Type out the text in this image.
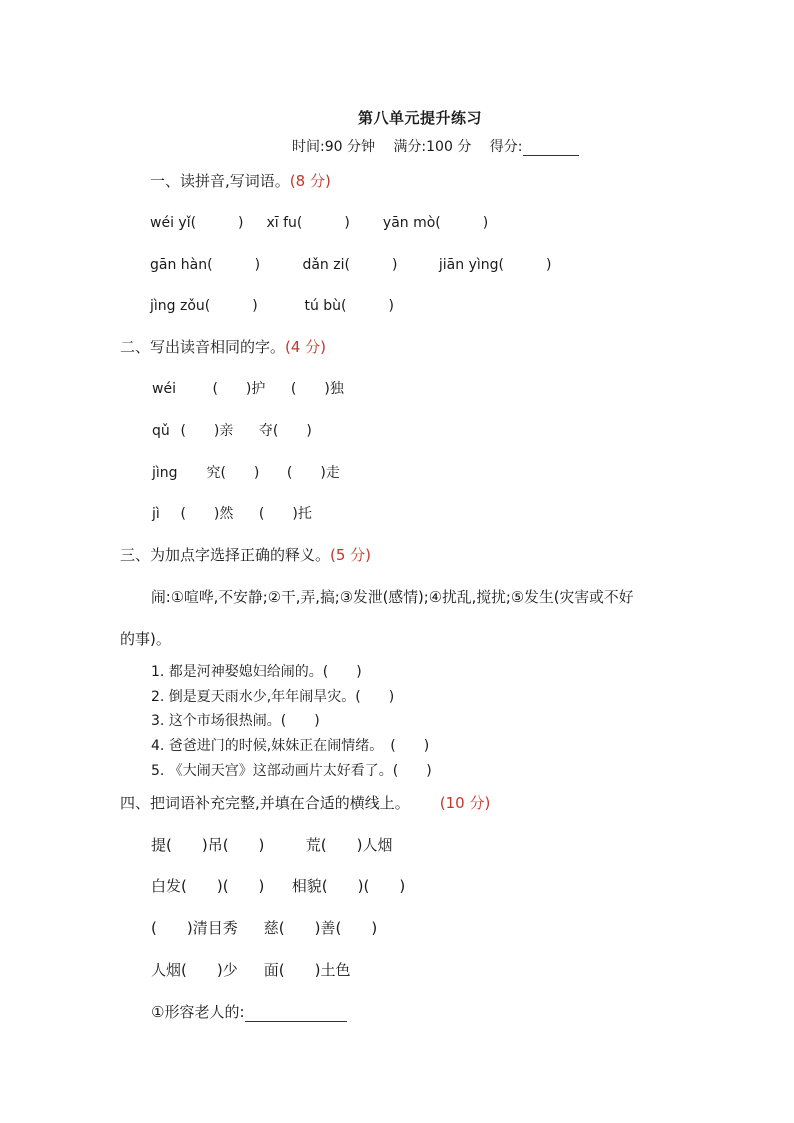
第八单元提升练习
时间:90 分钟 满分:100 分 得分:
一、读拼音,写词语。(8 分)
wéi yǐ(　　　) xī fu(　　　) yān mò(　　　)
gān hàn(　　　)	dǎn zi(　　　)	jiān yìng(　　　)
jìng zǒu(　　　)	tú bù(　　　)
二、写出读音相同的字。(4 分)
wéi	(　　)护 (　　)独
qǔ (　　)亲 夺(　　)
jìng 究(　　) (　　)走
jì (　　)然 (　　)托
三、为加点字选择正确的释义。(5 分)
闹:①喧哗,不安静;②干,弄,搞;③发泄(感情);④扰乱,搅扰;⑤发生(灾害或不好
的事)。
1. 都是河神娶媳妇给闹的。(　　)
2. 倒是夏天雨水少,年年闹旱灾。(　　)
3. 这个市场很热闹。(　　)
4. 爸爸进门的时候,妹妹正在闹情绪。　(　　)
5. 《大闹天宫》这部动画片太好看了。(　　)
四、把词语补充完整,并填在合适的横线上。 (10 分)
提(　　)吊(　　)	荒(　　)人烟
白发(　　)(　　) 相貌(　　)(　　)
(　　)清目秀 慈(　　)善(　　)
人烟(　　)少 面(　　)土色
①形容老人的:
